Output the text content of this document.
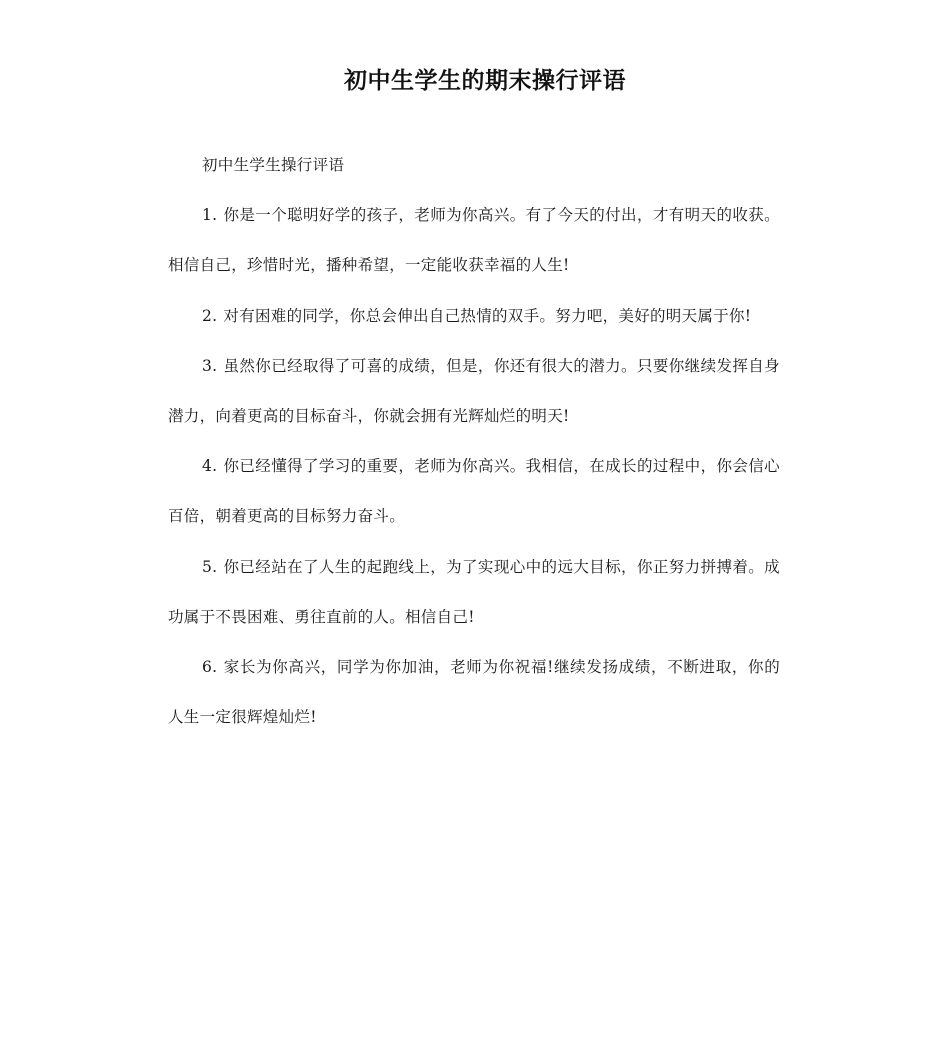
初中生学生的期末操行评语

初中生学生操行评语

1. 你是一个聪明好学的孩子，老师为你高兴。有了今天的付出，才有明天的收获。相信自己，珍惜时光，播种希望，一定能收获幸福的人生!

2. 对有困难的同学，你总会伸出自己热情的双手。努力吧，美好的明天属于你!

3. 虽然你已经取得了可喜的成绩，但是，你还有很大的潜力。只要你继续发挥自身潜力，向着更高的目标奋斗，你就会拥有光辉灿烂的明天!

4. 你已经懂得了学习的重要，老师为你高兴。我相信，在成长的过程中，你会信心百倍，朝着更高的目标努力奋斗。

5. 你已经站在了人生的起跑线上，为了实现心中的远大目标，你正努力拼搏着。成功属于不畏困难、勇往直前的人。相信自己!

6. 家长为你高兴，同学为你加油，老师为你祝福!继续发扬成绩，不断进取，你的人生一定很辉煌灿烂!
